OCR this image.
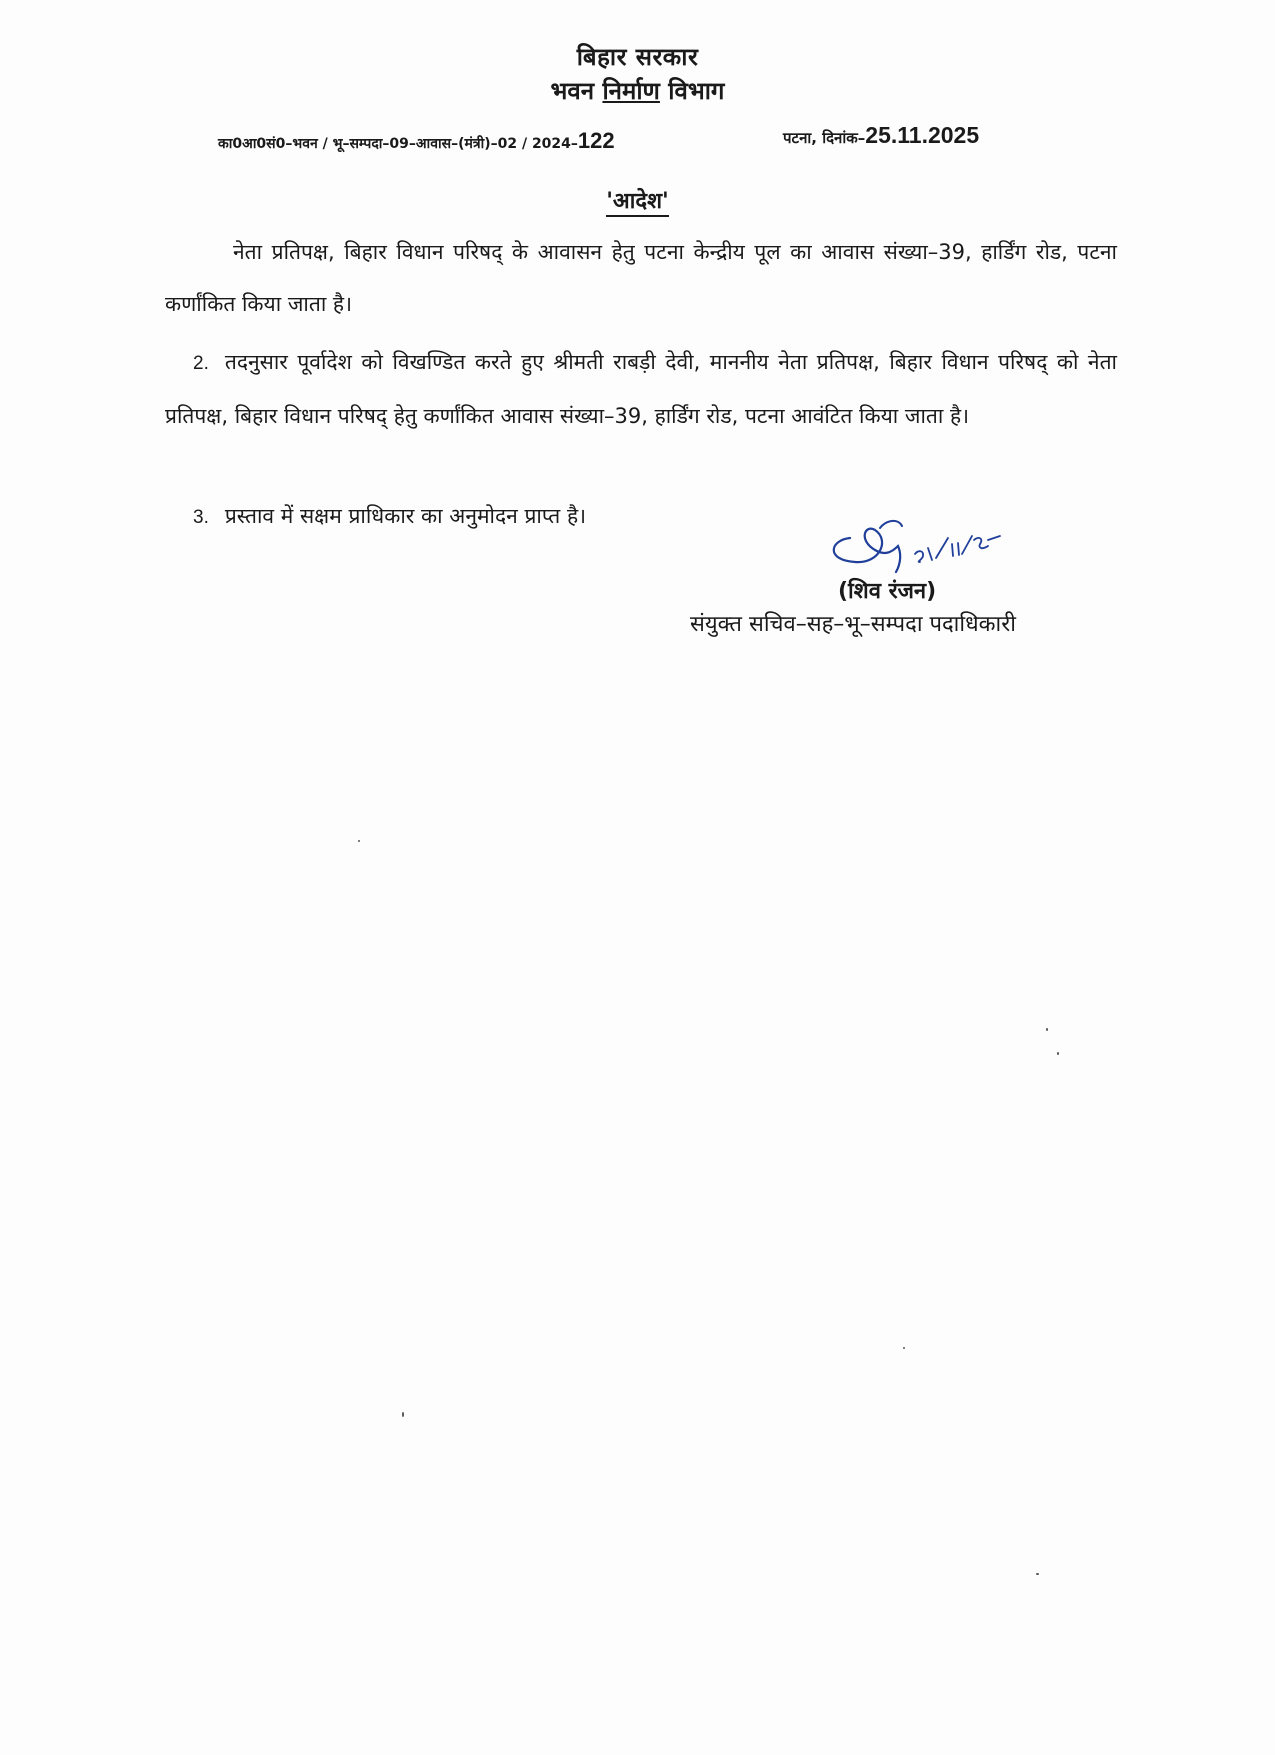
बिहार सरकार
भवन निर्माण विभाग
का0आ0सं0–भवन / भू–सम्पदा–09–आवास–(मंत्री)–02 / 2024–122	पटना, दिनांक–25.11.2025
'आदेश'
नेता प्रतिपक्ष, बिहार विधान परिषद् के आवासन हेतु पटना केन्द्रीय पूल का आवास संख्या–39, हार्डिंग रोड, पटना कर्णांकित किया जाता है।
2. तदनुसार पूर्वादेश को विखण्डित करते हुए श्रीमती राबड़ी देवी, माननीय नेता प्रतिपक्ष, बिहार विधान परिषद् को नेता प्रतिपक्ष, बिहार विधान परिषद् हेतु कर्णांकित आवास संख्या–39, हार्डिंग रोड, पटना आवंटित किया जाता है।
3. प्रस्ताव में सक्षम प्राधिकार का अनुमोदन प्राप्त है।
(शिव रंजन)
संयुक्त सचिव–सह–भू–सम्पदा पदाधिकारी
